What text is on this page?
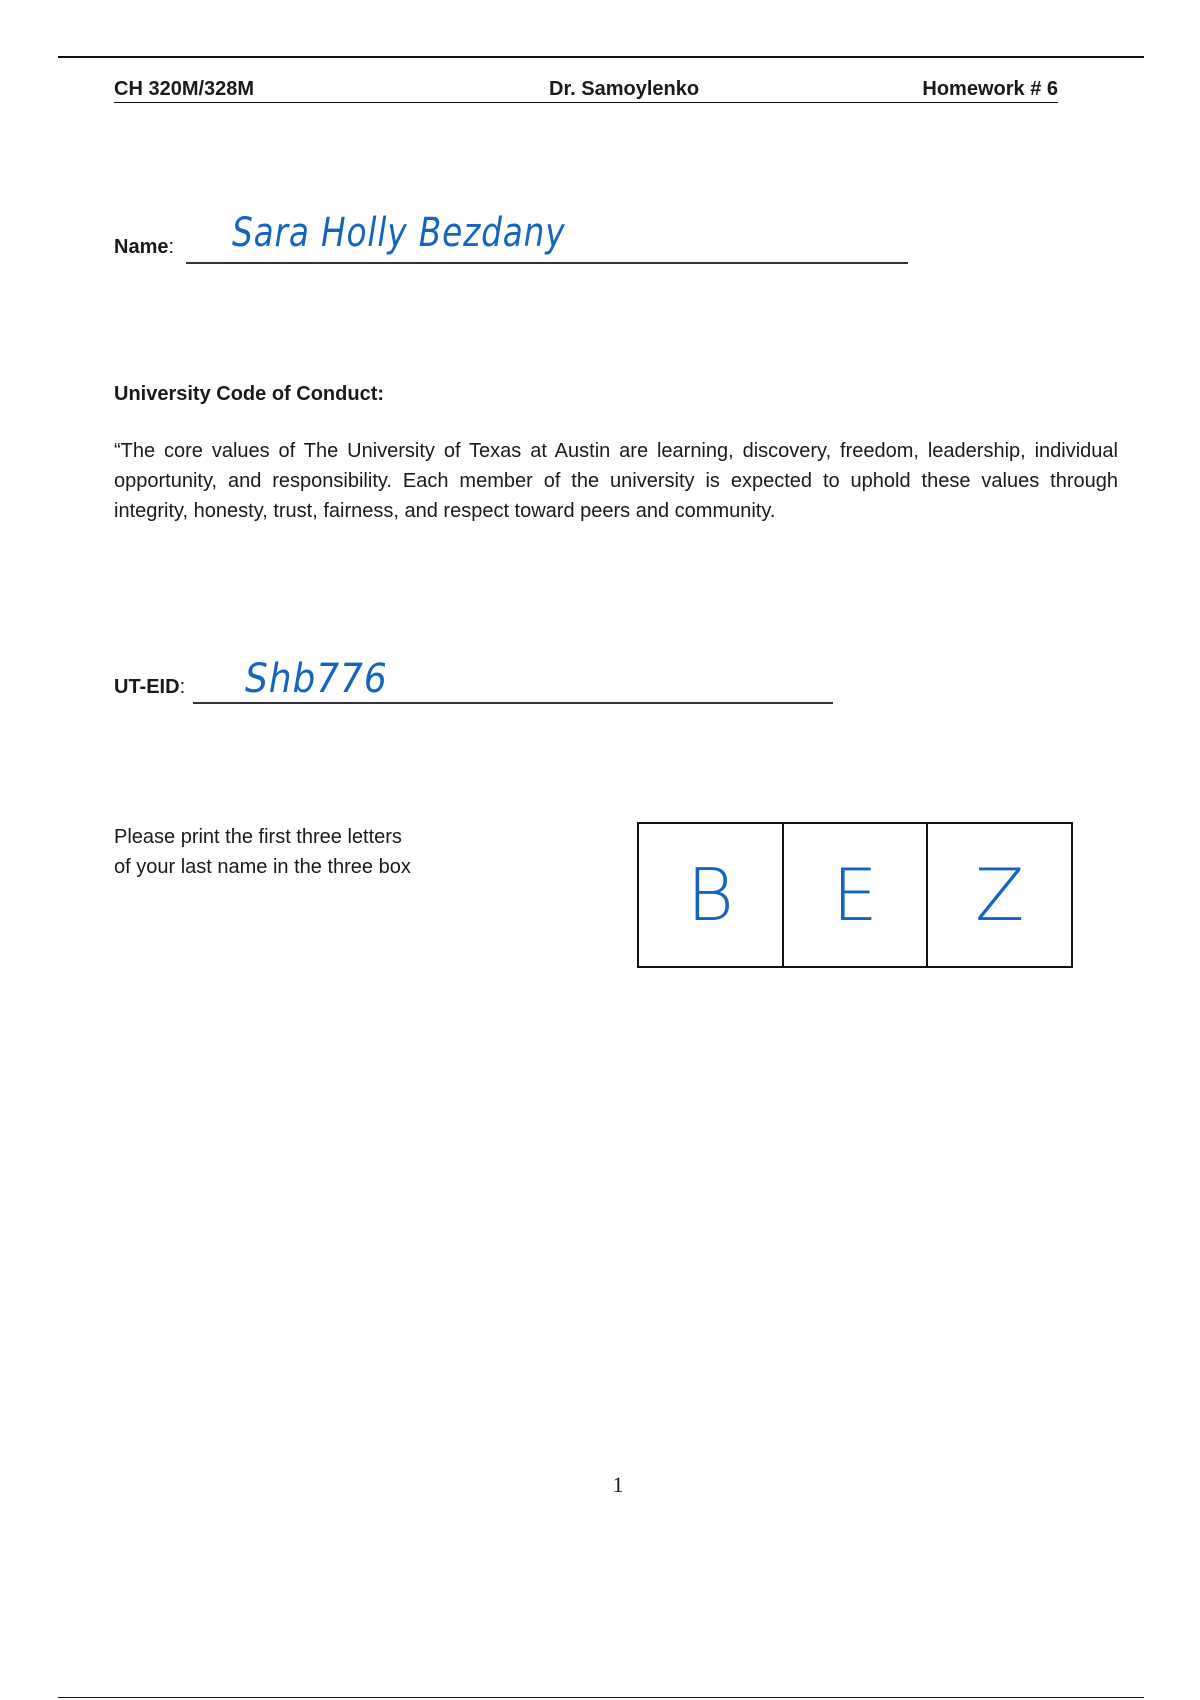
CH 320M/328M	Dr. Samoylenko	Homework # 6
Name: Sara Holly Bezdany
University Code of Conduct:
“The core values of The University of Texas at Austin are learning, discovery, freedom, leadership, individual opportunity, and responsibility. Each member of the university is expected to uphold these values through integrity, honesty, trust, fairness, and respect toward peers and community.
UT-EID: Shb776
Please print the first three letters
of your last name in the three box	B	E	Z
1
